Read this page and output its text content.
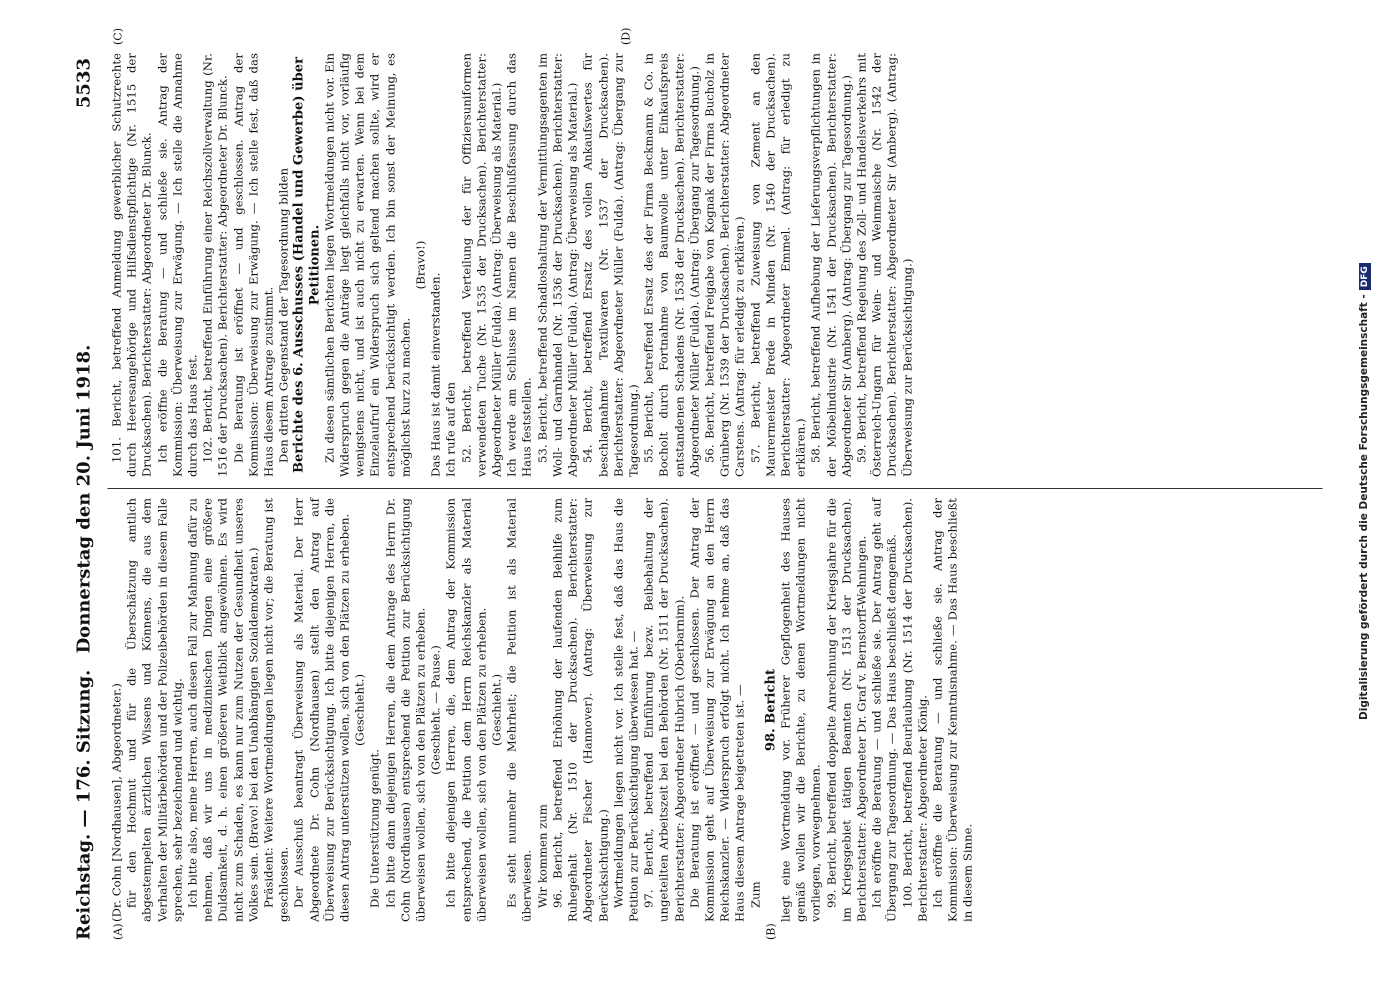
Reichstag. — 176. Sitzung.
Donnerstag den 20. Juni 1918.
5533
(A)	(B)
(C)	(D)

(Dr. Cohn [Nordhausen], Abgeordneter.) für den Hochmut und für die Überschätzung amtlich abgestempelten ärztlichen Wissens und Könnens, die aus dem Verhalten der Militärbehörden und der Polizeibehörden in diesem Falle sprechen, sehr bezeichnend und wichtig. Ich bitte also, meine Herren, auch diesen Fall zur Mahnung dafür zu nehmen, daß wir uns in medizinischen Dingen eine größere Duldsamkeit, d. h. einen größeren Weitblick angewöhnen. Es wird nicht zum Schaden, es kann nur zum Nutzen der Gesundheit unseres Volkes sein. (Bravo! bei den Unabhängigen Sozialdemokraten.) Präsident: Weitere Wortmeldungen liegen nicht vor; die Beratung ist geschlossen. Der Ausschuß beantragt Überweisung als Material. Der Herr Abgeordnete Dr. Cohn (Nordhausen) stellt den Antrag auf Überweisung zur Berücksichtigung. Ich bitte diejenigen Herren, die diesen Antrag unterstützen wollen, sich von den Plätzen zu erheben. (Geschieht.)

Die Unterstützung genügt. Ich bitte dann diejenigen Herren, die dem Antrage des Herrn Dr. Cohn (Nordhausen) entsprechend die Petition zur Berücksichtigung überweisen wollen, sich von den Plätzen zu erheben. (Geschieht. — Pause.) Ich bitte diejenigen Herren, die, dem Antrag der Kommission entsprechend, die Petition dem Herrn Reichskanzler als Material überweisen wollen, sich von den Plätzen zu erheben. (Geschieht.) Es steht nunmehr die Mehrheit; die Petition ist als Material überwiesen. Wir kommen zum 96. Bericht, betreffend Erhöhung der laufenden Beihilfe zum Ruhegehalt (Nr. 1510 der Drucksachen). Berichterstatter: Abgeordneter Fischer (Hannover). (Antrag: Überweisung zur Berücksichtigung.) Wortmeldungen liegen nicht vor. Ich stelle fest, daß das Haus die Petition zur Berücksichtigung überwiesen hat. — 97. Bericht, betreffend Einführung bezw. Beibehaltung der ungeteilten Arbeitszeit bei den Behörden (Nr. 1511 der Drucksachen). Berichterstatter: Abgeordneter Hubrich (Oberbarnim). Die Beratung ist eröffnet — und geschlossen. Der Antrag der Kommission geht auf Überweisung zur Erwägung an den Herrn Reichskanzler. — Widerspruch erfolgt nicht. Ich nehme an, daß das Haus diesem Antrage beigetreten ist. — Zum

98. Bericht liegt eine Wortmeldung vor. Früherer Gepflogenheit des Hauses gemäß wollen wir die Berichte, zu denen Wortmeldungen nicht vorliegen, vorwegnehmen. 99. Bericht, betreffend doppelte Anrechnung der Kriegsjahre für die im Kriegsgebiet tätigen Beamten (Nr. 1513 der Drucksachen). Berichterstatter: Abgeordneter Dr. Graf v. Bernstorff-Wehningen. Ich eröffne die Beratung — und schließe sie. Der Antrag geht auf Übergang zur Tagesordnung. — Das Haus beschließt demgemäß. 100. Bericht, betreffend Beurlaubung (Nr. 1514 der Drucksachen). Berichterstatter: Abgeordneter König. Ich eröffne die Beratung — und schließe sie. Antrag der Kommission: Überweisung zur Kenntnisnahme. — Das Haus beschließt in diesem Sinne.

101. Bericht, betreffend Anmeldung gewerblicher Schutzrechte durch Heeresangehörige und Hilfsdienstpflichtige (Nr. 1515 der Drucksachen). Berichterstatter: Abgeordneter Dr. Blunck. Ich eröffne die Beratung — und schließe sie. Antrag der Kommission: Überweisung zur Erwägung. — Ich stelle die Annahme durch das Haus fest. 102. Bericht, betreffend Einführung einer Reichszollverwaltung (Nr. 1516 der Drucksachen). Berichterstatter: Abgeordneter Dr. Blunck. Die Beratung ist eröffnet — und geschlossen. Antrag der Kommission: Überweisung zur Erwägung. — Ich stelle fest, daß das Haus diesem Antrage zustimmt. Den dritten Gegenstand der Tagesordnung bilden Berichte des 6. Ausschusses (Handel und Gewerbe) über Petitionen. Zu diesen sämtlichen Berichten liegen Wortmeldungen nicht vor. Ein Widerspruch gegen die Anträge liegt gleichfalls nicht vor, vorläufig wenigstens nicht, und ist auch nicht zu erwarten. Wenn bei dem Einzelaufruf ein Widerspruch sich geltend machen sollte, wird er entsprechend berücksichtigt werden. Ich bin sonst der Meinung, es möglichst kurz zu machen.

(Bravo!)

Das Haus ist damit einverstanden. Ich rufe auf den 52. Bericht, betreffend Verteilung der für Offiziersuniformen verwendeten Tuche (Nr. 1535 der Drucksachen). Berichterstatter: Abgeordneter Müller (Fulda). (Antrag: Überweisung als Material.) Ich werde am Schlusse im Namen die Beschlußfassung durch das Haus feststellen. 53. Bericht, betreffend Schadloshaltung der Vermittlungsagenten im Woll- und Garnhandel (Nr. 1536 der Drucksachen). Berichterstatter: Abgeordneter Müller (Fulda). (Antrag: Überweisung als Material.) 54. Bericht, betreffend Ersatz des vollen Ankaufswertes für beschlagnahmte Textilwaren (Nr. 1537 der Drucksachen). Berichterstatter: Abgeordneter Müller (Fulda). (Antrag: Übergang zur Tagesordnung.) 55. Bericht, betreffend Ersatz des der Firma Beckmann & Co. in Bocholt durch Fortnahme von Baumwolle unter Einkaufspreis entstandenen Schadens (Nr. 1538 der Drucksachen). Berichterstatter: Abgeordneter Müller (Fulda). (Antrag: Übergang zur Tagesordnung.) 56. Bericht, betreffend Freigabe von Kognak der Firma Bucholz in Grünberg (Nr. 1539 der Drucksachen). Berichterstatter: Abgeordneter Carstens. (Antrag: für erledigt zu erklären.) 57. Bericht, betreffend Zuweisung von Zement an den Maurermeister Brede in Minden (Nr. 1540 der Drucksachen). Berichterstatter: Abgeordneter Emmel. (Antrag: für erledigt zu erklären.) 58. Bericht, betreffend Aufhebung der Lieferungsverpflichtungen in der Möbelindustrie (Nr. 1541 der Drucksachen). Berichterstatter: Abgeordneter Sir (Amberg). (Antrag: Übergang zur Tagesordnung.) 59. Bericht, betreffend Regelung des Zoll- und Handelsverkehrs mit Österreich-Ungarn für Wein- und Weinmaische (Nr. 1542 der Drucksachen). Berichterstatter: Abgeordneter Sir (Amberg). (Antrag: Überweisung zur Berücksichtigung.)	Digitalisierung gefördert durch die Deutsche Forschungsgemeinschaft -DFG
